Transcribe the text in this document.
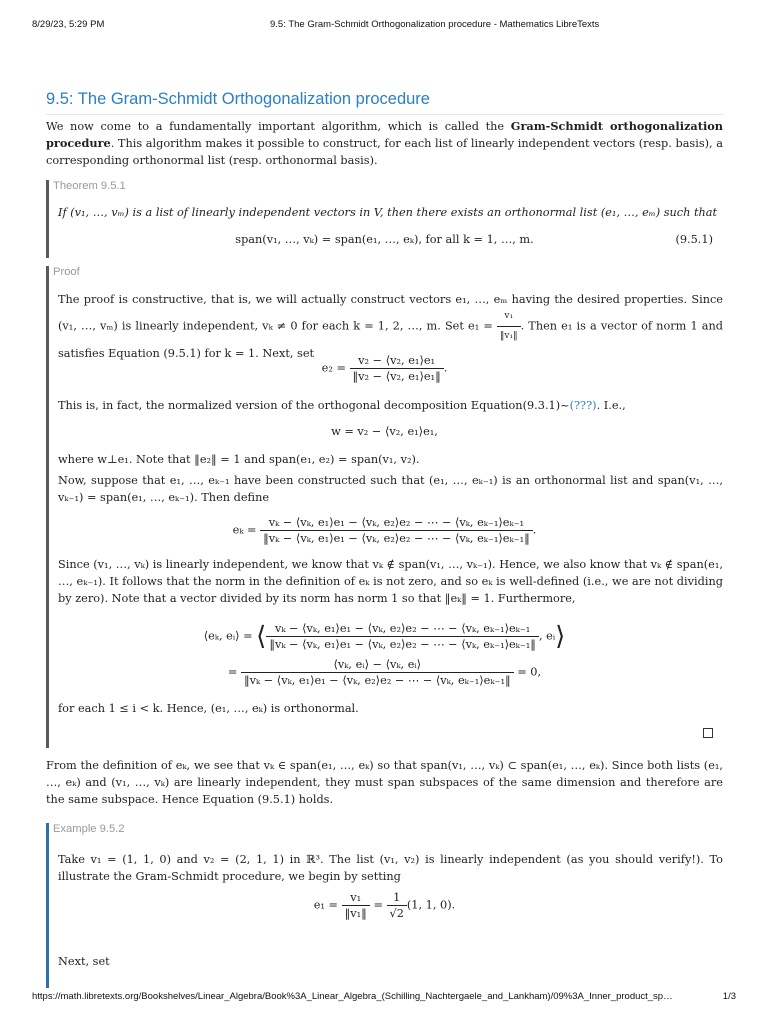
8/29/23, 5:29 PM	9.5: The Gram-Schmidt Orthogonalization procedure - Mathematics LibreTexts
9.5: The Gram-Schmidt Orthogonalization procedure

We now come to a fundamentally important algorithm, which is called the Gram-Schmidt orthogonalization procedure. This algorithm makes it possible to construct, for each list of linearly independent vectors (resp. basis), a corresponding orthonormal list (resp. orthonormal basis).

Theorem 9.5.1

If (v₁, …, vₘ) is a list of linearly independent vectors in V, then there exists an orthonormal list (e₁, …, eₘ) such that

span(v₁, …, vₖ) = span(e₁, …, eₖ), for all k = 1, …, m.	(9.5.1)
Proof

The proof is constructive, that is, we will actually construct vectors e₁, …, eₘ having the desired properties. Since (v₁, …, vₘ) is linearly independent, vₖ ≠ 0 for each k = 1, 2, …, m. Set $e_1 = \frac{\text{v₁}}{\text{‖v₁‖}}$ . Then e₁ is a vector of norm 1 and satisfies Equation (9.5.1) for k = 1. Next, set

$e_2 = \frac{\text{v₂ − ⟨v₂, e₁⟩e₁}}{\text{‖v₂ − ⟨v₂, e₁⟩e₁‖}}$ .

This is, in fact, the normalized version of the orthogonal decomposition Equation(9.3.1)~(???). I.e.,

w = v₂ − ⟨v₂, e₁⟩e₁,

where w⊥e₁. Note that ‖e₂‖ = 1 and span(e₁, e₂) = span(v₁, v₂).

Now, suppose that e₁, …, eₖ₋₁ have been constructed such that (e₁, …, eₖ₋₁) is an orthonormal list and span(v₁, …, vₖ₋₁) = span(e₁, …, eₖ₋₁). Then define

$e_k = \frac{\text{vₖ − ⟨vₖ, e₁⟩e₁ − ⟨vₖ, e₂⟩e₂ − ⋯ − ⟨vₖ, eₖ₋₁⟩eₖ₋₁}}{\text{‖vₖ − ⟨vₖ, e₁⟩e₁ − ⟨vₖ, e₂⟩e₂ − ⋯ − ⟨vₖ, eₖ₋₁⟩eₖ₋₁‖}}$ .

Since (v₁, …, vₖ) is linearly independent, we know that vₖ ∉ span(v₁, …, vₖ₋₁). Hence, we also know that vₖ ∉ span(e₁, …, eₖ₋₁). It follows that the norm in the definition of eₖ is not zero, and so eₖ is well-defined (i.e., we are not dividing by zero). Note that a vector divided by its norm has norm 1 so that ‖eₖ‖ = 1. Furthermore,

⟨eₖ, eᵢ⟩ = ⟨ $\frac{\text{vₖ − ⟨vₖ, e₁⟩e₁ − ⟨vₖ, e₂⟩e₂ − ⋯ − ⟨vₖ, eₖ₋₁⟩eₖ₋₁}}{\text{‖vₖ − ⟨vₖ, e₁⟩e₁ − ⟨vₖ, e₂⟩e₂ − ⋯ − ⟨vₖ, eₖ₋₁⟩eₖ₋₁‖}}$ , eᵢ⟩
= $\frac{\text{⟨vₖ, eᵢ⟩ − ⟨vₖ, eᵢ⟩}}{\text{‖vₖ − ⟨vₖ, e₁⟩e₁ − ⟨vₖ, e₂⟩e₂ − ⋯ − ⟨vₖ, eₖ₋₁⟩eₖ₋₁‖}} = 0$,

for each 1 ≤ i < k. Hence, (e₁, …, eₖ) is orthonormal.

From the definition of eₖ, we see that vₖ ∈ span(e₁, …, eₖ) so that span(v₁, …, vₖ) ⊂ span(e₁, …, eₖ). Since both lists (e₁, …, eₖ) and (v₁, …, vₖ) are linearly independent, they must span subspaces of the same dimension and therefore are the same subspace. Hence Equation (9.5.1) holds.

Example 9.5.2

Take v₁ = (1, 1, 0) and v₂ = (2, 1, 1) in ℝ³. The list (v₁, v₂) is linearly independent (as you should verify!). To illustrate the Gram-Schmidt procedure, we begin by setting

$e_1 = \frac{\text{v₁}}{\text{‖v₁‖}} = \frac{1}{√2} (1$, 1, 0).

Next, set

https://math.libretexts.org/Bookshelves/Linear_Algebra/Book%3A_Linear_Algebra_(Schilling_Nachtergaele_and_Lankham)/09%3A_Inner_product_sp…	1/3
